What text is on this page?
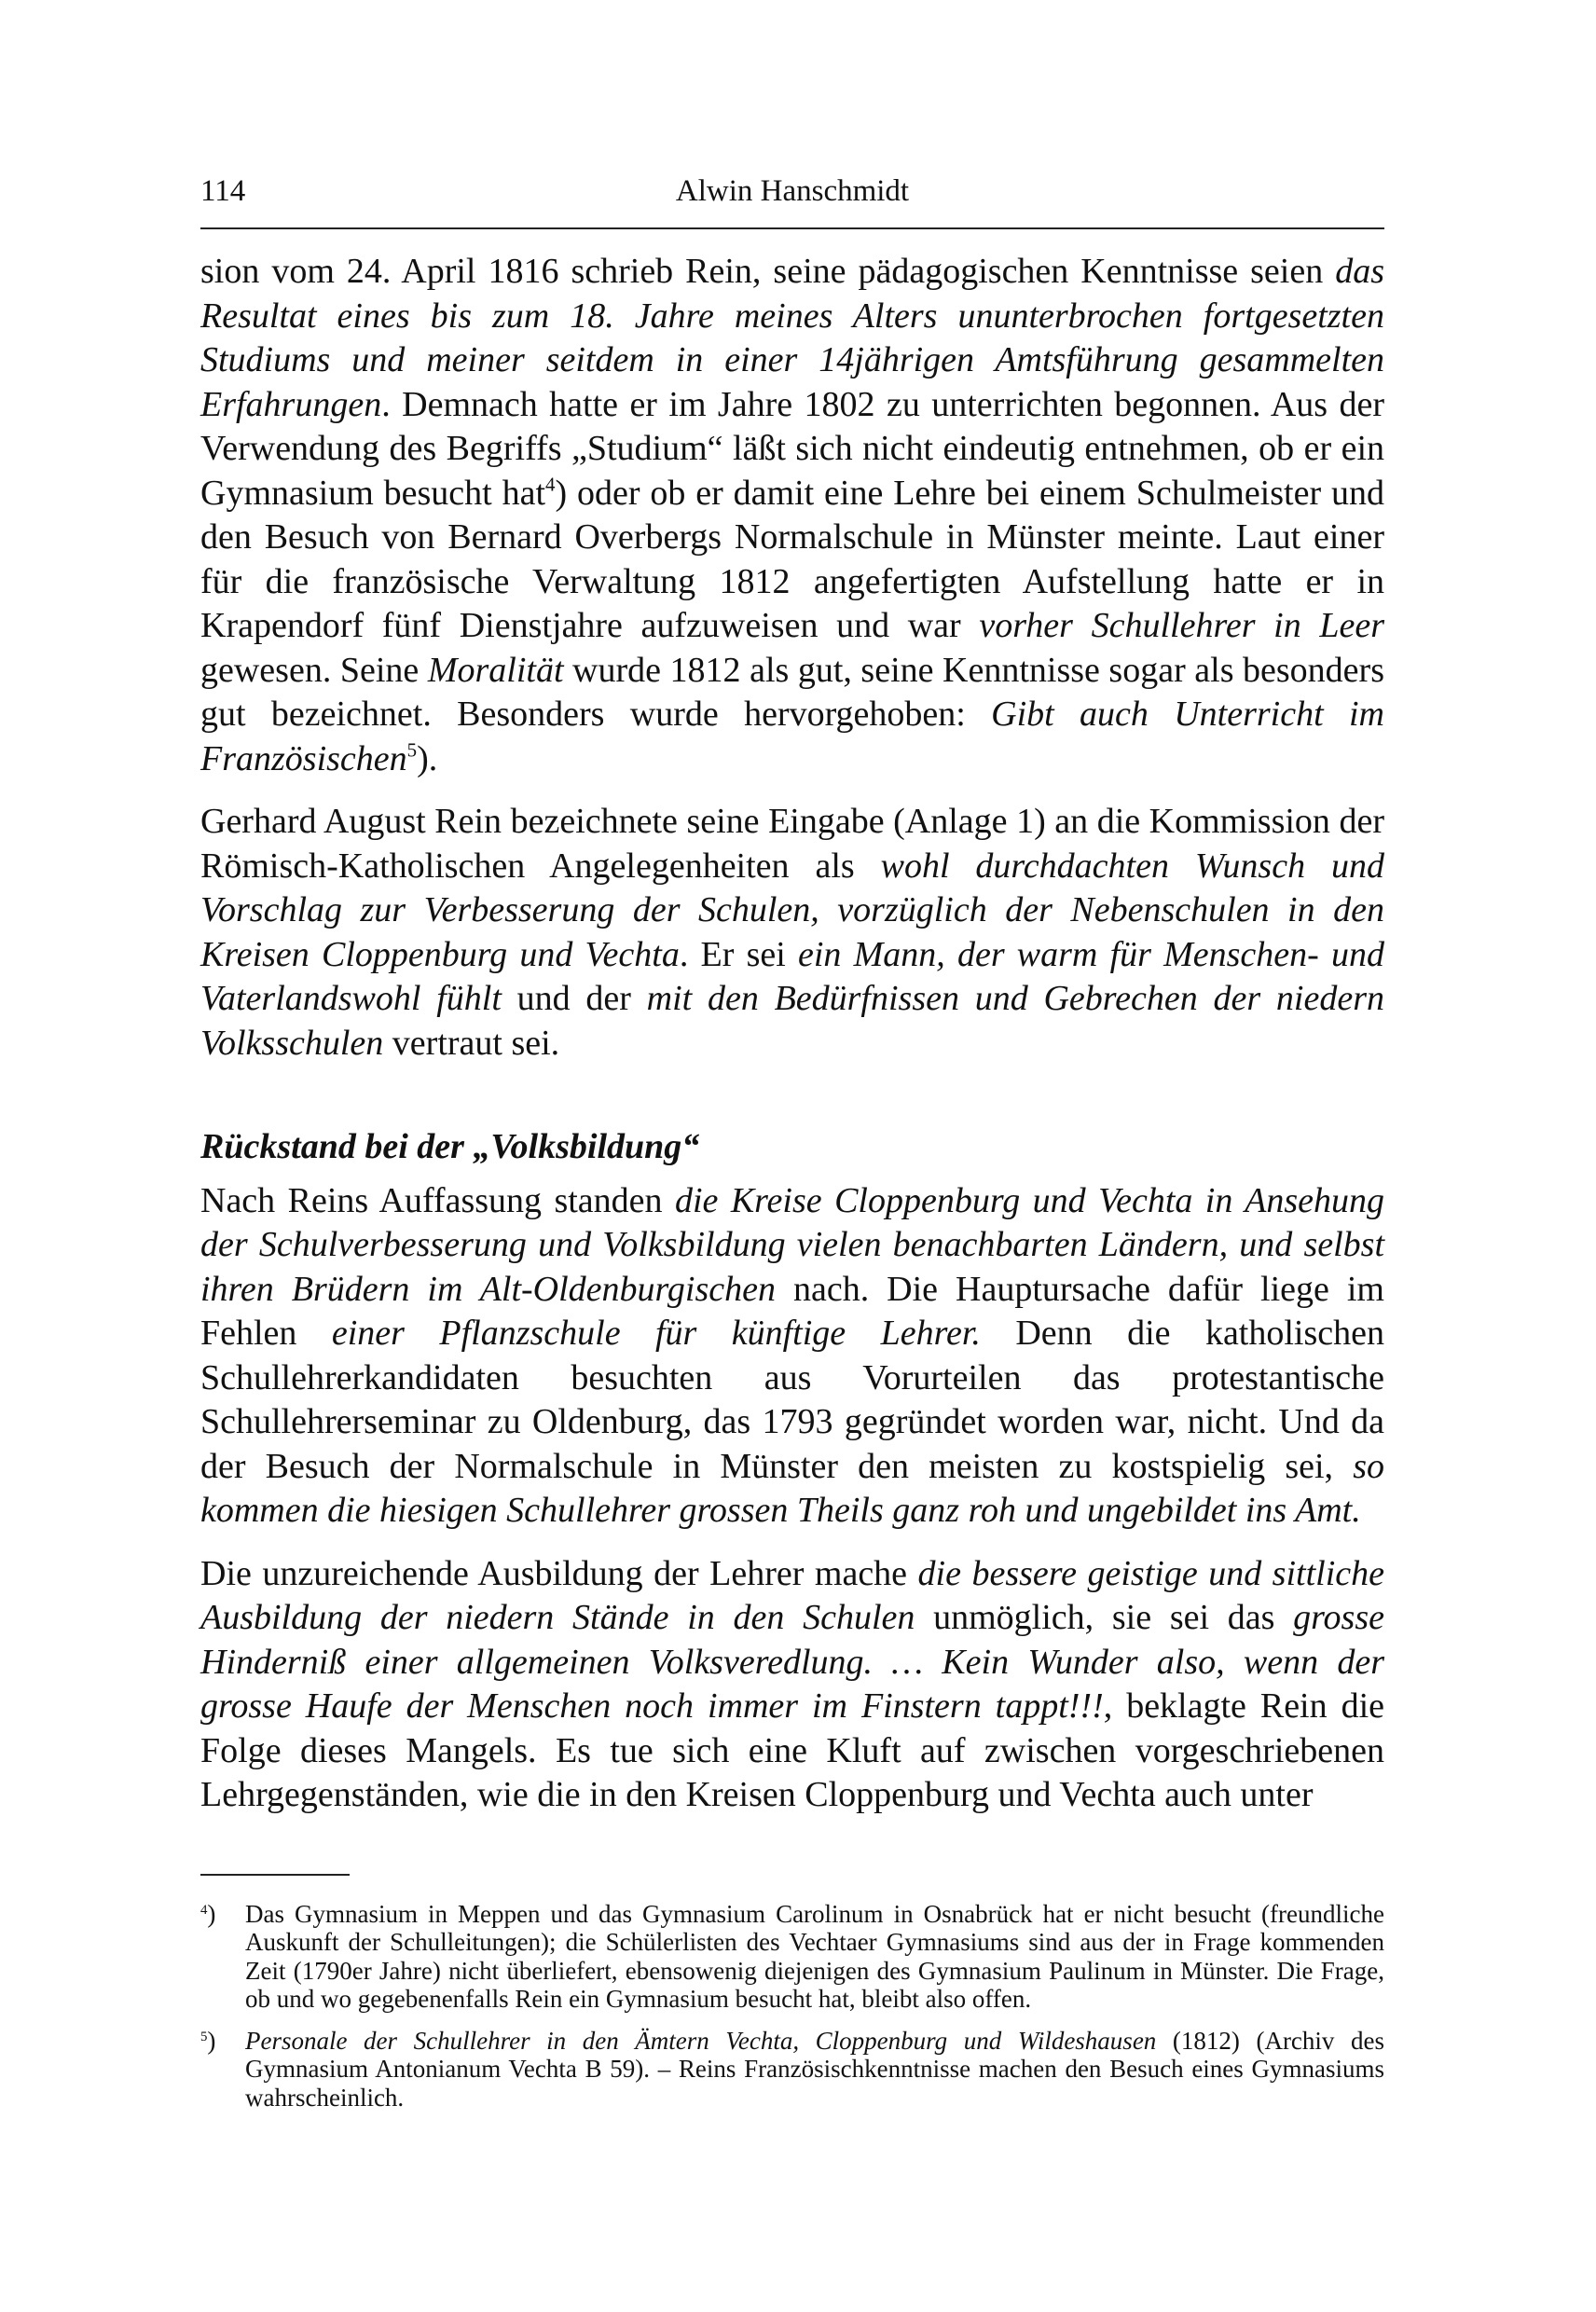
114	Alwin Hanschmidt

sion vom 24. April 1816 schrieb Rein, seine pädagogischen Kenntnisse seien das Resultat eines bis zum 18. Jahre meines Alters ununterbrochen fortgesetzten Studiums und meiner seitdem in einer 14jährigen Amtsführung gesammelten Erfahrungen. Demnach hatte er im Jahre 1802 zu unterrichten begonnen. Aus der Verwendung des Begriffs „Studium“ läßt sich nicht eindeutig entnehmen, ob er ein Gymnasium besucht hat$^4$) oder ob er damit eine Lehre bei einem Schulmeister und den Besuch von Bernard Overbergs Normalschule in Münster meinte. Laut einer für die französische Verwaltung 1812 angefertigten Aufstellung hatte er in Krapendorf fünf Dienstjahre aufzuweisen und war vorher Schullehrer in Leer gewesen. Seine Moralität wurde 1812 als gut, seine Kenntnisse sogar als besonders gut bezeichnet. Besonders wurde hervorgehoben: Gibt auch Unterricht im Französischen$^5$).

Gerhard August Rein bezeichnete seine Eingabe (Anlage 1) an die Kommission der Römisch-Katholischen Angelegenheiten als wohl durchdachten Wunsch und Vorschlag zur Verbesserung der Schulen, vorzüglich der Nebenschulen in den Kreisen Cloppenburg und Vechta. Er sei ein Mann, der warm für Menschen- und Vaterlandswohl fühlt und der mit den Bedürfnissen und Gebrechen der niedern Volksschulen vertraut sei.

Rückstand bei der „Volksbildung“

Nach Reins Auffassung standen die Kreise Cloppenburg und Vechta in Ansehung der Schulverbesserung und Volksbildung vielen benachbarten Ländern, und selbst ihren Brüdern im Alt-Oldenburgischen nach. Die Hauptursache dafür liege im Fehlen einer Pflanzschule für künftige Lehrer. Denn die katholischen Schullehrerkandidaten besuchten aus Vorurteilen das protestantische Schullehrerseminar zu Oldenburg, das 1793 gegründet worden war, nicht. Und da der Besuch der Normalschule in Münster den meisten zu kostspielig sei, so kommen die hiesigen Schullehrer grossen Theils ganz roh und ungebildet ins Amt.

Die unzureichende Ausbildung der Lehrer mache die bessere geistige und sittliche Ausbildung der niedern Stände in den Schulen unmöglich, sie sei das grosse Hinderniß einer allgemeinen Volksveredlung. … Kein Wunder also, wenn der grosse Haufe der Menschen noch immer im Finstern tappt!!!, beklagte Rein die Folge dieses Mangels. Es tue sich eine Kluft auf zwischen vorgeschriebenen Lehrgegenständen, wie die in den Kreisen Cloppenburg und Vechta auch unter

$^4$) Das Gymnasium in Meppen und das Gymnasium Carolinum in Osnabrück hat er nicht besucht (freundliche Auskunft der Schulleitungen); die Schülerlisten des Vechtaer Gymnasiums sind aus der in Frage kommenden Zeit (1790er Jahre) nicht überliefert, ebensowenig diejenigen des Gymnasium Paulinum in Münster. Die Frage, ob und wo gegebenenfalls Rein ein Gymnasium besucht hat, bleibt also offen.
$^5$) Personale der Schullehrer in den Ämtern Vechta, Cloppenburg und Wildeshausen (1812) (Archiv des Gymnasium Antonianum Vechta B 59). – Reins Französischkenntnisse machen den Besuch eines Gymnasiums wahrscheinlich.
